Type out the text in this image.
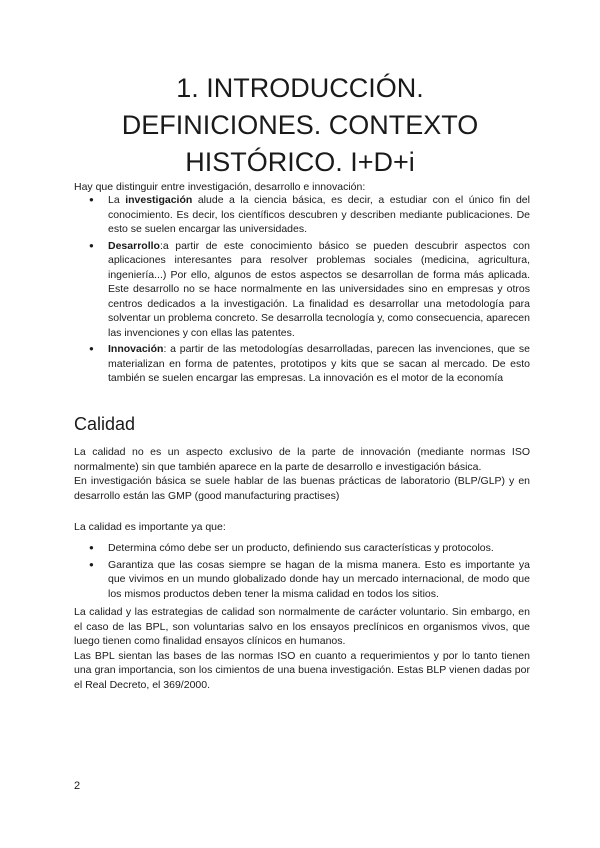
1. INTRODUCCIÓN.
DEFINICIONES. CONTEXTO
HISTÓRICO. I+D+i

Hay que distinguir entre investigación, desarrollo e innovación:

● La investigación alude a la ciencia básica, es decir, a estudiar con el único fin del conocimiento. Es decir, los científicos descubren y describen mediante publicaciones. De esto se suelen encargar las universidades.
● Desarrollo:a partir de este conocimiento básico se pueden descubrir aspectos con aplicaciones interesantes para resolver problemas sociales (medicina, agricultura, ingeniería...) Por ello, algunos de estos aspectos se desarrollan de forma más aplicada. Este desarrollo no se hace normalmente en las universidades sino en empresas y otros centros dedicados a la investigación. La finalidad es desarrollar una metodología para solventar un problema concreto. Se desarrolla tecnología y, como consecuencia, aparecen las invenciones y con ellas las patentes.
● Innovación: a partir de las metodologías desarrolladas, parecen las invenciones, que se materializan en forma de patentes, prototipos y kits que se sacan al mercado. De esto también se suelen encargar las empresas. La innovación es el motor de la economía
Calidad
La calidad no es un aspecto exclusivo de la parte de innovación (mediante normas ISO normalmente) sin que también aparece en la parte de desarrollo e investigación básica.
En investigación básica se suele hablar de las buenas prácticas de laboratorio (BLP/GLP) y en desarrollo están las GMP (good manufacturing practises)
La calidad es importante ya que:
● Determina cómo debe ser un producto, definiendo sus características y protocolos.
● Garantiza que las cosas siempre se hagan de la misma manera. Esto es importante ya que vivimos en un mundo globalizado donde hay un mercado internacional, de modo que los mismos productos deben tener la misma calidad en todos los sitios.
La calidad y las estrategias de calidad son normalmente de carácter voluntario. Sin embargo, en el caso de las BPL, son voluntarias salvo en los ensayos preclínicos en organismos vivos, que luego tienen como finalidad ensayos clínicos en humanos.
Las BPL sientan las bases de las normas ISO en cuanto a requerimientos y por lo tanto tienen una gran importancia, son los cimientos de una buena investigación. Estas BLP vienen dadas por el Real Decreto, el 369/2000.

2
